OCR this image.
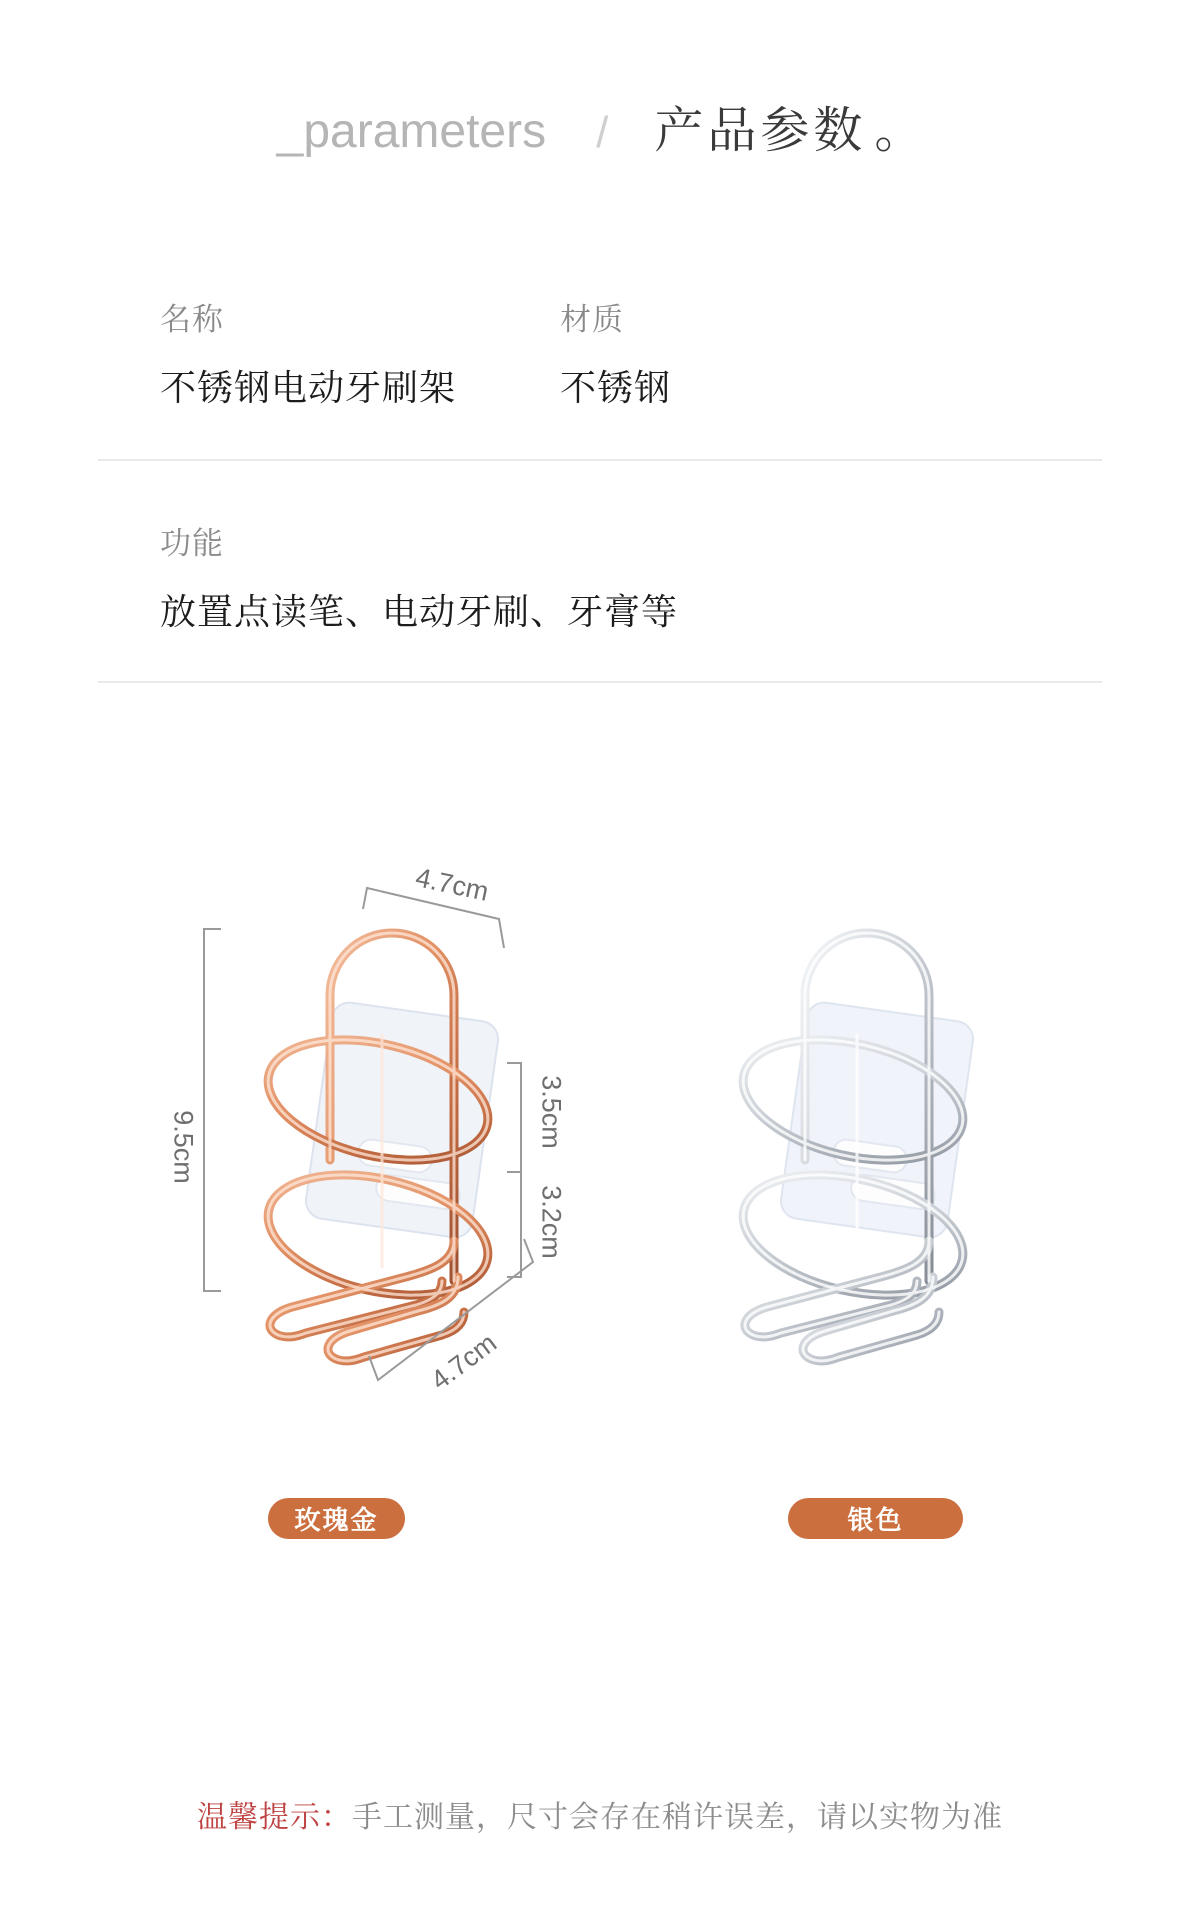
_parameters / 产品参数 。
名称
不锈钢电动牙刷架
材质
不锈钢
功能
放置点读笔、电动牙刷、牙膏等
4.7cm
9.5cm	3.5cm
3.2cm
4.7cm
玫瑰金	银色
温馨提示：手工测量，尺寸会存在稍许误差，请以实物为准
